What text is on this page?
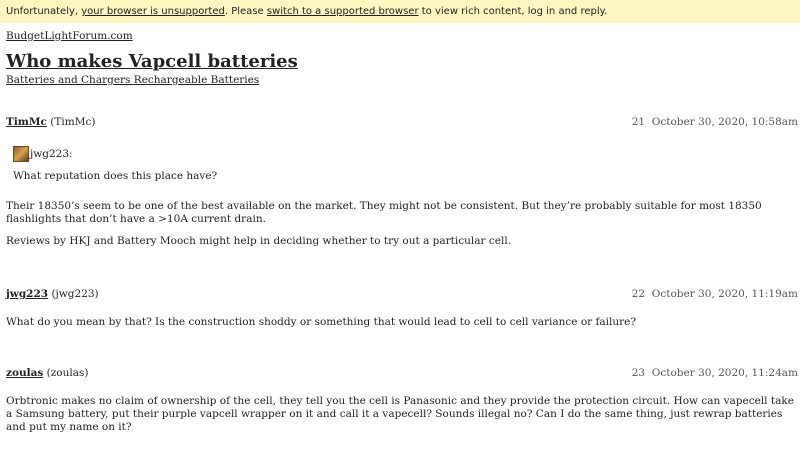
Unfortunately, your browser is unsupported. Please switch to a supported browser to view rich content, log in and reply.
BudgetLightForum.com
Who makes Vapcell batteries
Batteries and Chargers Rechargeable Batteries
TimMc (TimMc)	21 October 30, 2020, 10:58am
jwg223:
What reputation does this place have?

Their 18350’s seem to be one of the best available on the market. They might not be consistent. But they’re probably suitable for most 18350 flashlights that don’t have a >10A current drain.

Reviews by HKJ and Battery Mooch might help in deciding whether to try out a particular cell.

jwg223 (jwg223)	22 October 30, 2020, 11:19am

What do you mean by that? Is the construction shoddy or something that would lead to cell to cell variance or failure?

zoulas (zoulas)	23 October 30, 2020, 11:24am

Orbtronic makes no claim of ownership of the cell, they tell you the cell is Panasonic and they provide the protection circuit. How can vapecell take a Samsung battery, put their purple vapcell wrapper on it and call it a vapecell? Sounds illegal no? Can I do the same thing, just rewrap batteries and put my name on it?
